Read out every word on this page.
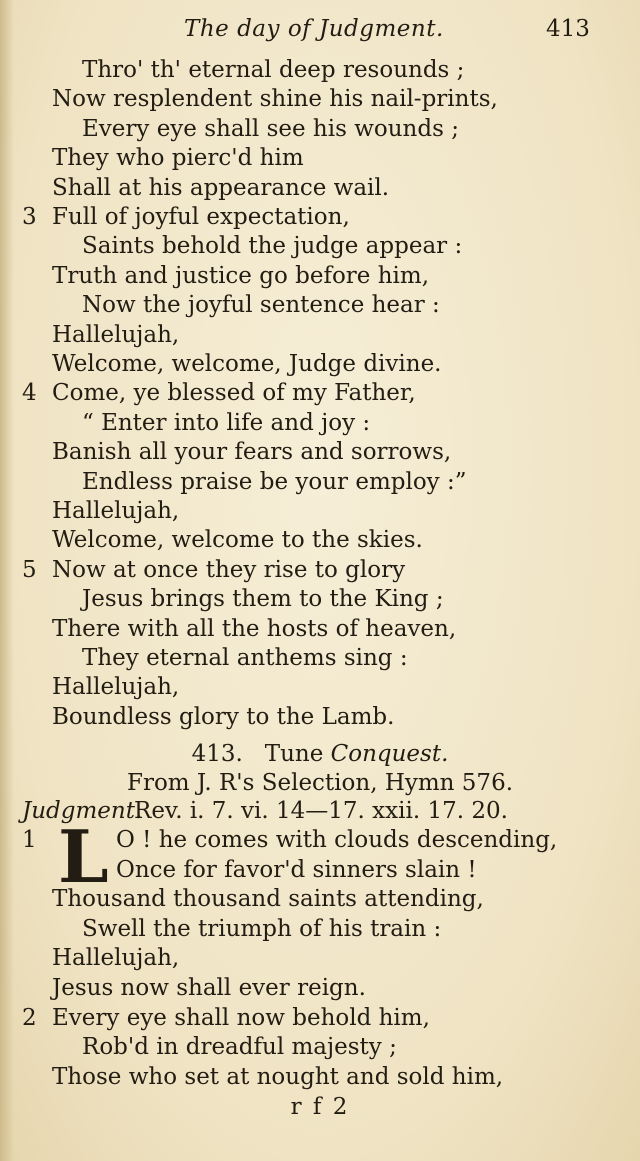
The day of Judgment.	413
Thro' th' eternal deep resounds ;
Now resplendent shine his nail-prints,
Every eye shall see his wounds ;
They who pierc'd him
Shall at his appearance wail.
3 Full of joyful expectation,
Saints behold the judge appear :
Truth and justice go before him,
Now the joyful sentence hear :
Hallelujah,
Welcome, welcome, Judge divine.
4 Come, ye blessed of my Father,
“ Enter into life and joy :
Banish all your fears and sorrows,
Endless praise be your employ :”
Hallelujah,
Welcome, welcome to the skies.
5 Now at once they rise to glory
Jesus brings them to the King ;
There with all the hosts of heaven,
They eternal anthems sing :
Hallelujah,
Boundless glory to the Lamb.
413. Tune Conquest.
From J. R's Selection, Hymn 576.
Judgment.
Rev. i. 7. vi. 14—17. xxii. 17. 20.
1 L O ! he comes with clouds descending,
Once for favor'd sinners slain !
Thousand thousand saints attending,
Swell the triumph of his train :
Hallelujah,
Jesus now shall ever reign.
2 Every eye shall now behold him,
Rob'd in dreadful majesty ;
Those who set at nought and sold him,
r f 2
